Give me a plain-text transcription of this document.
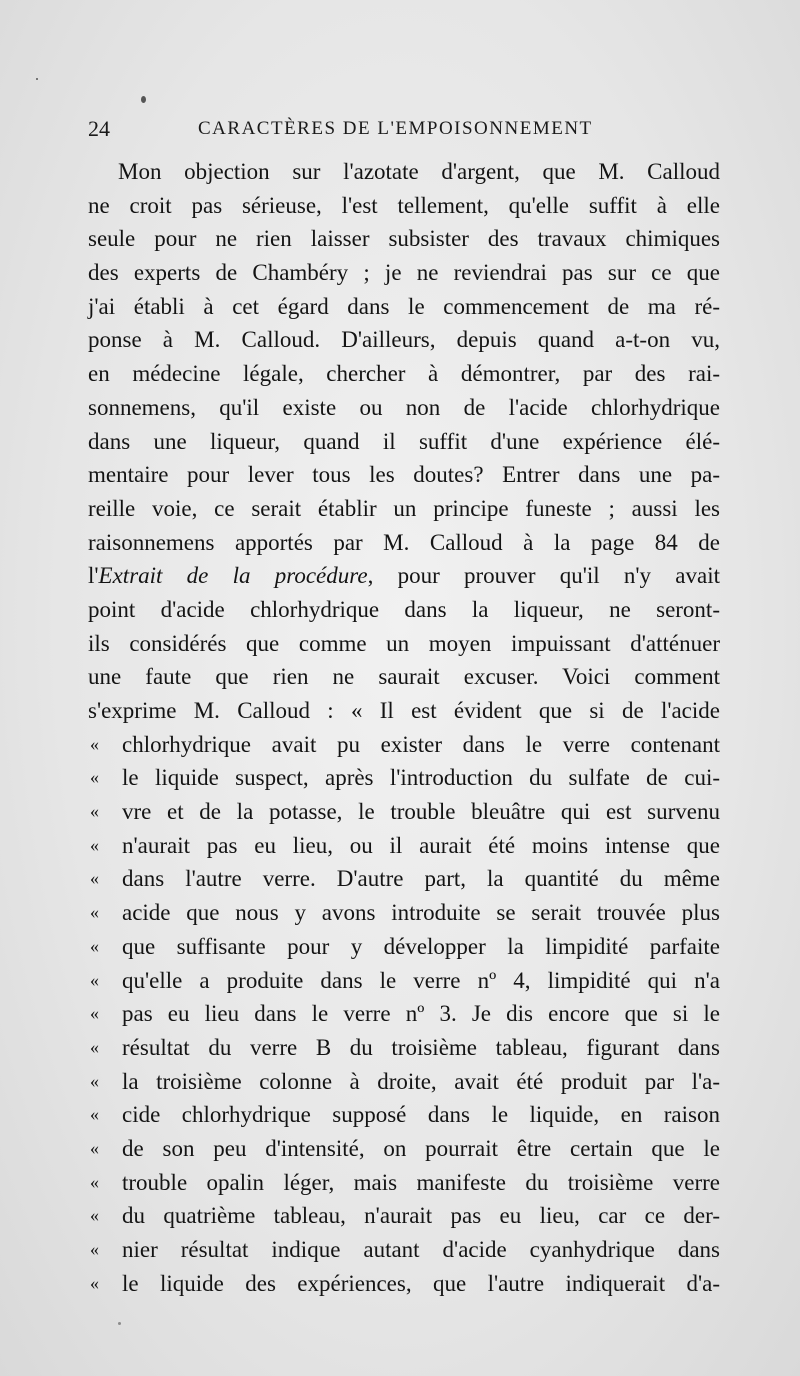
24	CARACTÈRES DE L'EMPOISONNEMENT
Mon objection sur l'azotate d'argent, que M. Calloud
ne croit pas sérieuse, l'est tellement, qu'elle suffit à elle
seule pour ne rien laisser subsister des travaux chimiques
des experts de Chambéry ; je ne reviendrai pas sur ce que
j'ai établi à cet égard dans le commencement de ma ré-
ponse à M. Calloud. D'ailleurs, depuis quand a-t-on vu,
en médecine légale, chercher à démontrer, par des rai-
sonnemens, qu'il existe ou non de l'acide chlorhydrique
dans une liqueur, quand il suffit d'une expérience élé-
mentaire pour lever tous les doutes? Entrer dans une pa-
reille voie, ce serait établir un principe funeste ; aussi les
raisonnemens apportés par M. Calloud à la page 84 de
l'Extrait de la procédure, pour prouver qu'il n'y avait
point d'acide chlorhydrique dans la liqueur, ne seront-
ils considérés que comme un moyen impuissant d'atténuer
une faute que rien ne saurait excuser. Voici comment
s'exprime M. Calloud : « Il est évident que si de l'acide
« chlorhydrique avait pu exister dans le verre contenant
« le liquide suspect, après l'introduction du sulfate de cui-
« vre et de la potasse, le trouble bleuâtre qui est survenu
« n'aurait pas eu lieu, ou il aurait été moins intense que
« dans l'autre verre. D'autre part, la quantité du même
« acide que nous y avons introduite se serait trouvée plus
« que suffisante pour y développer la limpidité parfaite
« qu'elle a produite dans le verre nº 4, limpidité qui n'a
« pas eu lieu dans le verre nº 3. Je dis encore que si le
« résultat du verre B du troisième tableau, figurant dans
« la troisième colonne à droite, avait été produit par l'a-
« cide chlorhydrique supposé dans le liquide, en raison
« de son peu d'intensité, on pourrait être certain que le
« trouble opalin léger, mais manifeste du troisième verre
« du quatrième tableau, n'aurait pas eu lieu, car ce der-
« nier résultat indique autant d'acide cyanhydrique dans
« le liquide des expériences, que l'autre indiquerait d'a-
